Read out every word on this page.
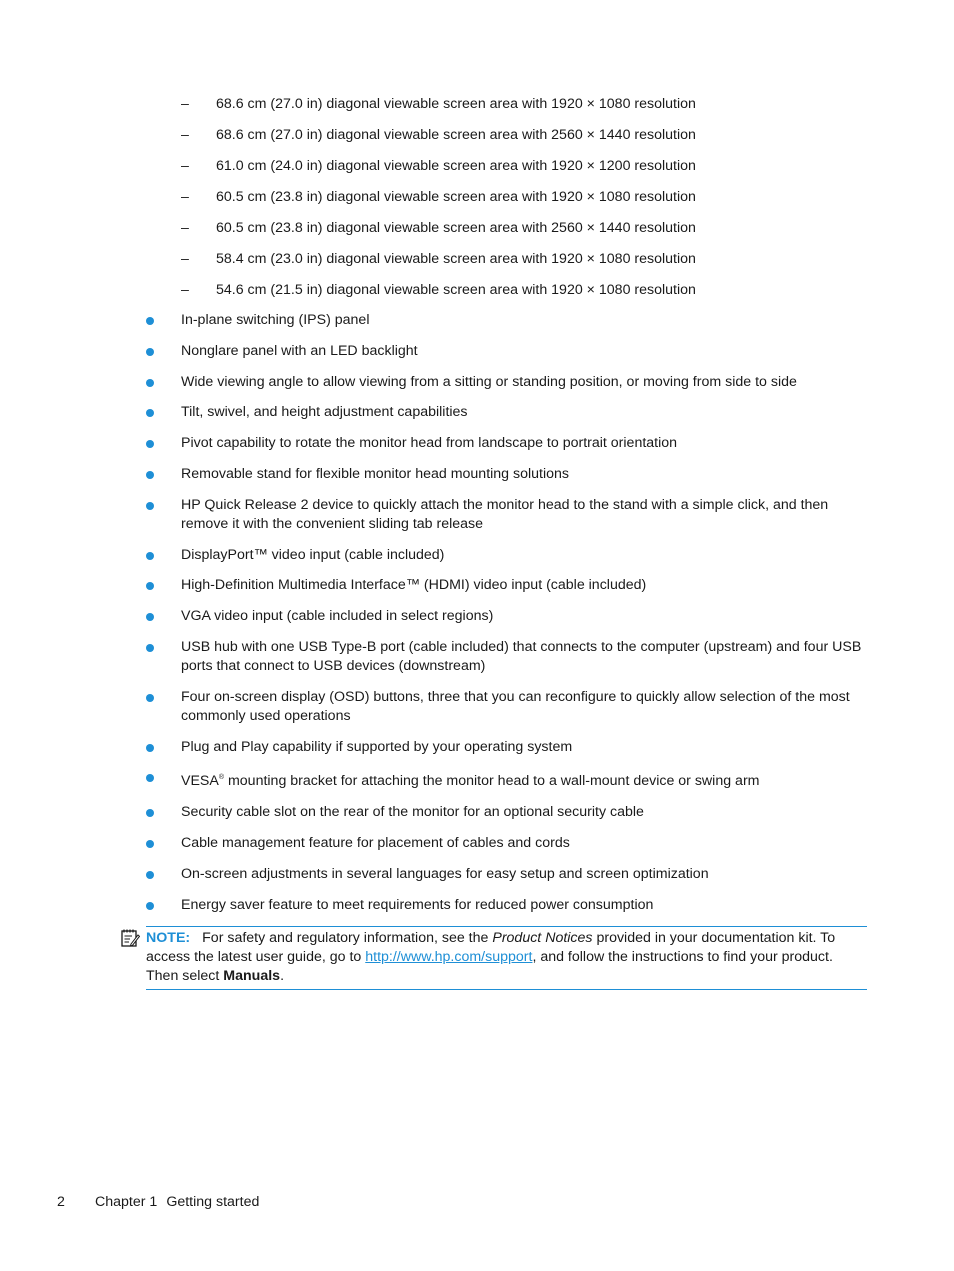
– 68.6 cm (27.0 in) diagonal viewable screen area with 1920 × 1080 resolution
– 68.6 cm (27.0 in) diagonal viewable screen area with 2560 × 1440 resolution
– 61.0 cm (24.0 in) diagonal viewable screen area with 1920 × 1200 resolution
– 60.5 cm (23.8 in) diagonal viewable screen area with 1920 × 1080 resolution
– 60.5 cm (23.8 in) diagonal viewable screen area with 2560 × 1440 resolution
– 58.4 cm (23.0 in) diagonal viewable screen area with 1920 × 1080 resolution
– 54.6 cm (21.5 in) diagonal viewable screen area with 1920 × 1080 resolution
In-plane switching (IPS) panel
Nonglare panel with an LED backlight
Wide viewing angle to allow viewing from a sitting or standing position, or moving from side to side
Tilt, swivel, and height adjustment capabilities
Pivot capability to rotate the monitor head from landscape to portrait orientation
Removable stand for flexible monitor head mounting solutions
HP Quick Release 2 device to quickly attach the monitor head to the stand with a simple click, and then remove it with the convenient sliding tab release
DisplayPort™ video input (cable included)
High-Definition Multimedia Interface™ (HDMI) video input (cable included)
VGA video input (cable included in select regions)
USB hub with one USB Type-B port (cable included) that connects to the computer (upstream) and four USB ports that connect to USB devices (downstream)
Four on-screen display (OSD) buttons, three that you can reconfigure to quickly allow selection of the most commonly used operations
Plug and Play capability if supported by your operating system
VESA® mounting bracket for attaching the monitor head to a wall-mount device or swing arm
Security cable slot on the rear of the monitor for an optional security cable
Cable management feature for placement of cables and cords
On-screen adjustments in several languages for easy setup and screen optimization
Energy saver feature to meet requirements for reduced power consumption
NOTE: For safety and regulatory information, see the Product Notices provided in your documentation kit. To access the latest user guide, go to http://www.hp.com/support, and follow the instructions to find your product. Then select Manuals.
2 Chapter 1 Getting started
